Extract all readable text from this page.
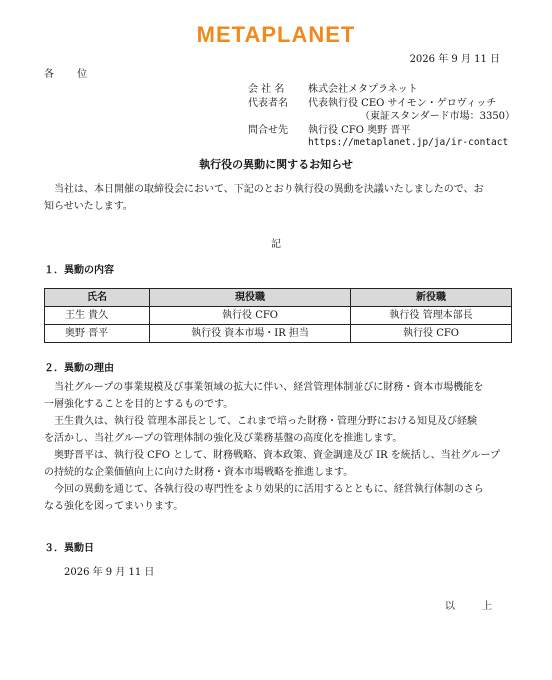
METAPLANET
2026 年 9 月 11 日
各 位
会 社 名	株式会社メタプラネット
代表者名	代表執行役 CEO サイモン・ゲロヴィッチ
（東証スタンダード市場：3350）
問合せ先	執行役 CFO 奥野 晋平
https://metaplanet.jp/ja/ir-contact
執行役の異動に関するお知らせ
当社は、本日開催の取締役会において、下記のとおり執行役の異動を決議いたしましたので、お
知らせいたします。
記
１．異動の内容
氏名	現役職	新役職
王生 貴久	執行役 CFO	執行役 管理本部長
奥野 晋平	執行役 資本市場・IR 担当	執行役 CFO
２．異動の理由
当社グループの事業規模及び事業領域の拡大に伴い、経営管理体制並びに財務・資本市場機能を
一層強化することを目的とするものです。
王生貴久は、執行役 管理本部長として、これまで培った財務・管理分野における知見及び経験
を活かし、当社グループの管理体制の強化及び業務基盤の高度化を推進します。
奥野晋平は、執行役 CFO として、財務戦略、資本政策、資金調達及び IR を統括し、当社グループ
の持続的な企業価値向上に向けた財務・資本市場戦略を推進します。
今回の異動を通じて、各執行役の専門性をより効果的に活用するとともに、経営執行体制のさら
なる強化を図ってまいります。
３．異動日
2026 年 9 月 11 日
以 上
